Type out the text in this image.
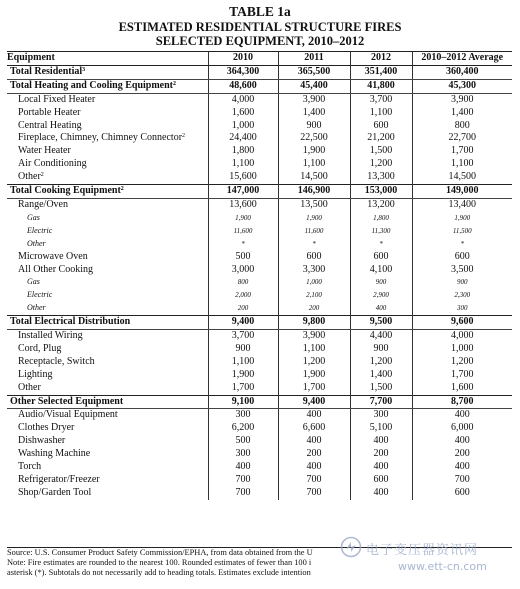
TABLE 1a
ESTIMATED RESIDENTIAL STRUCTURE FIRES
SELECTED EQUIPMENT, 2010–2012
Equipment	2010	2011	2012	2010–2012 Average
Total Residential$^3$	364,300	365,500	351,400	360,400
Total Heating and Cooling Equipment$^2$	48,600	45,400	41,800	45,300
Local Fixed Heater	4,000	3,900	3,700	3,900
Portable Heater	1,600	1,400	1,100	1,400
Central Heating	1,000	900	600	800
Fireplace, Chimney, Chimney Connector$^2$	24,400	22,500	21,200	22,700
Water Heater	1,800	1,900	1,500	1,700
Air Conditioning	1,100	1,100	1,200	1,100
Other$^2$	15,600	14,500	13,300	14,500
Total Cooking Equipment$^2$	147,000	146,900	153,000	149,000
Range/Oven	13,600	13,500	13,200	13,400
Gas	1,900	1,900	1,800	1,900
Electric	11,600	11,600	11,300	11,500
Other	*	*	*	*
Microwave Oven	500	600	600	600
All Other Cooking	3,000	3,300	4,100	3,500
Gas	800	1,000	900	900
Electric	2,000	2,100	2,900	2,300
Other	200	200	400	300
Total Electrical Distribution	9,400	9,800	9,500	9,600
Installed Wiring	3,700	3,900	4,400	4,000
Cord, Plug	900	1,100	900	1,000
Receptacle, Switch	1,100	1,200	1,200	1,200
Lighting	1,900	1,900	1,400	1,700
Other	1,700	1,700	1,500	1,600
Other Selected Equipment	9,100	9,400	7,700	8,700
Audio/Visual Equipment	300	400	300	400
Clothes Dryer	6,200	6,600	5,100	6,000
Dishwasher	500	400	400	400
Washing Machine	300	200	200	200
Torch	400	400	400	400
Refrigerator/Freezer	700	700	600	700
Shop/Garden Tool	700	700	400	600
Source: U.S. Consumer Product Safety Commission/EPHA, from data obtained from the U
Note: Fire estimates are rounded to the nearest 100. Rounded estimates of fewer than 100 i
asterisk (*). Subtotals do not necessarily add to heading totals. Estimates exclude intention
电子变压器资讯网
www.ett-cn.com
